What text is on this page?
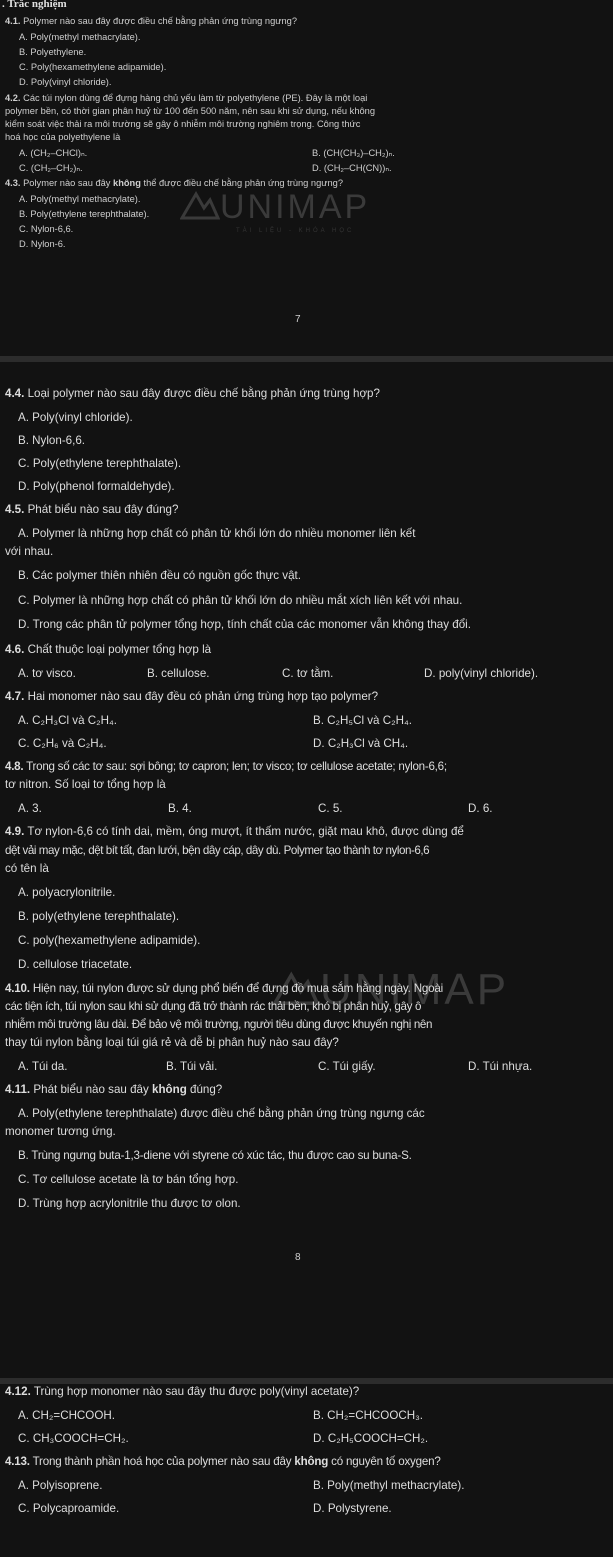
. Trắc nghiệm
4.1. Polymer nào sau đây được điều chế bằng phản ứng trùng ngưng?
A. Poly(methyl methacrylate).
B. Polyethylene.
C. Poly(hexamethylene adipamide).
D. Poly(vinyl chloride).
4.2. Các túi nylon dùng để đựng hàng chủ yếu làm từ polyethylene (PE). Đây là một loại
polymer bền, có thời gian phân huỷ từ 100 đến 500 năm, nên sau khi sử dụng, nếu không
kiểm soát việc thải ra môi trường sẽ gây ô nhiễm môi trường nghiêm trọng. Công thức
hoá học của polyethylene là
A. (CH₂–CHCl)ₙ.	B. (CH(CH₃)–CH₂)ₙ.
C. (CH₂–CH₂)ₙ.	D. (CH₂–CH(CN))ₙ.
4.3. Polymer nào sau đây không thể được điều chế bằng phản ứng trùng ngưng?
A. Poly(methyl methacrylate).
B. Poly(ethylene terephthalate).
C. Nylon-6,6.
D. Nylon-6.
UNIMAP
TÀI LIỆU - KHÓA HỌC
7
4.4. Loại polymer nào sau đây được điều chế bằng phản ứng trùng hợp?
A. Poly(vinyl chloride).
B. Nylon-6,6.
C. Poly(ethylene terephthalate).
D. Poly(phenol formaldehyde).
4.5. Phát biểu nào sau đây đúng?
A. Polymer là những hợp chất có phân tử khối lớn do nhiều monomer liên kết
với nhau.
B. Các polymer thiên nhiên đều có nguồn gốc thực vật.
C. Polymer là những hợp chất có phân tử khối lớn do nhiều mắt xích liên kết với nhau.
D. Trong các phân tử polymer tổng hợp, tính chất của các monomer vẫn không thay đổi.
4.6. Chất thuộc loại polymer tổng hợp là
A. tơ visco.	B. cellulose.	C. tơ tằm.	D. poly(vinyl chloride).
4.7. Hai monomer nào sau đây đều có phản ứng trùng hợp tạo polymer?
A. C₂H₃Cl và C₂H₄.	B. C₂H₅Cl và C₂H₄.
C. C₂H₆ và C₂H₄.	D. C₂H₃Cl và CH₄.
4.8. Trong số các tơ sau: sợi bông; tơ capron; len; tơ visco; tơ cellulose acetate; nylon-6,6;
tơ nitron. Số loại tơ tổng hợp là
A. 3.	B. 4.	C. 5.	D. 6.
4.9. Tơ nylon-6,6 có tính dai, mềm, óng mượt, ít thấm nước, giặt mau khô, được dùng để
dệt vải may mặc, dệt bít tất, đan lưới, bện dây cáp, dây dù. Polymer tạo thành tơ nylon-6,6
có tên là
A. polyacrylonitrile.
B. poly(ethylene terephthalate).
C. poly(hexamethylene adipamide).
D. cellulose triacetate.
UNIMAP
4.10. Hiện nay, túi nylon được sử dụng phổ biến để đựng đồ mua sắm hằng ngày. Ngoài
các tiện ích, túi nylon sau khi sử dụng đã trở thành rác thải bền, khó bị phân huỷ, gây ô
nhiễm môi trường lâu dài. Để bảo vệ môi trường, người tiêu dùng được khuyến nghị nên
thay túi nylon bằng loại túi giá rẻ và dễ bị phân huỷ nào sau đây?
A. Túi da.	B. Túi vải.	C. Túi giấy.	D. Túi nhựa.
4.11. Phát biểu nào sau đây không đúng?
A. Poly(ethylene terephthalate) được điều chế bằng phản ứng trùng ngưng các
monomer tương ứng.
B. Trùng ngưng buta-1,3-diene với styrene có xúc tác, thu được cao su buna-S.
C. Tơ cellulose acetate là tơ bán tổng hợp.
D. Trùng hợp acrylonitrile thu được tơ olon.
8
4.12. Trùng hợp monomer nào sau đây thu được poly(vinyl acetate)?
A. CH₂=CHCOOH.	B. CH₂=CHCOOCH₃.
C. CH₃COOCH=CH₂.	D. C₂H₅COOCH=CH₂.
4.13. Trong thành phần hoá học của polymer nào sau đây không có nguyên tố oxygen?
A. Polyisoprene.	B. Poly(methyl methacrylate).
C. Polycaproamide.	D. Polystyrene.
